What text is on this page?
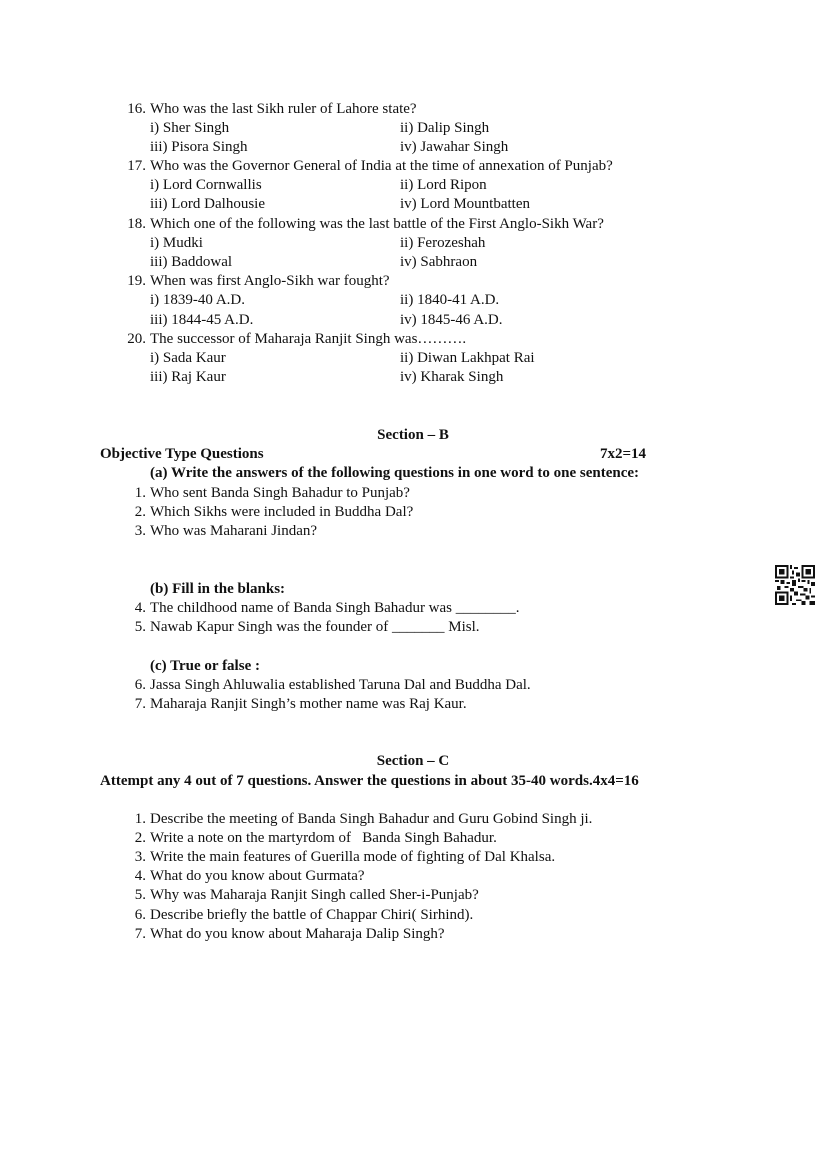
16. Who was the last Sikh ruler of Lahore state?
i) Sher Singh	ii) Dalip Singh
iii) Pisora Singh	iv) Jawahar Singh
17. Who was the Governor General of India at the time of annexation of Punjab?
i) Lord Cornwallis	ii) Lord Ripon
iii) Lord Dalhousie	iv) Lord Mountbatten
18. Which one of the following was the last battle of the First Anglo-Sikh War?
i) Mudki	ii) Ferozeshah
iii) Baddowal	iv) Sabhraon
19. When was first Anglo-Sikh war fought?
i) 1839-40 A.D.	ii) 1840-41 A.D.
iii) 1844-45 A.D.	iv) 1845-46 A.D.
20. The successor of Maharaja Ranjit Singh was……….
i) Sada Kaur	ii) Diwan Lakhpat Rai
iii) Raj Kaur	iv) Kharak Singh
Section – B
Objective Type Questions	7x2=14
(a) Write the answers of the following questions in one word to one sentence:
1. Who sent Banda Singh Bahadur to Punjab?
2. Which Sikhs were included in Buddha Dal?
3. Who was Maharani Jindan?
(b) Fill in the blanks:
4. The childhood name of Banda Singh Bahadur was ________.
5. Nawab Kapur Singh was the founder of _______ Misl.
(c) True or false :
6. Jassa Singh Ahluwalia established Taruna Dal and Buddha Dal.
7. Maharaja Ranjit Singh’s mother name was Raj Kaur.
Section – C
Attempt any 4 out of 7 questions. Answer the questions in about 35-40 words.4x4=16
1. Describe the meeting of Banda Singh Bahadur and Guru Gobind Singh ji.
2. Write a note on the martyrdom of   Banda Singh Bahadur.
3. Write the main features of Guerilla mode of fighting of Dal Khalsa.
4. What do you know about Gurmata?
5. Why was Maharaja Ranjit Singh called Sher-i-Punjab?
6. Describe briefly the battle of Chappar Chiri( Sirhind).
7. What do you know about Maharaja Dalip Singh?
